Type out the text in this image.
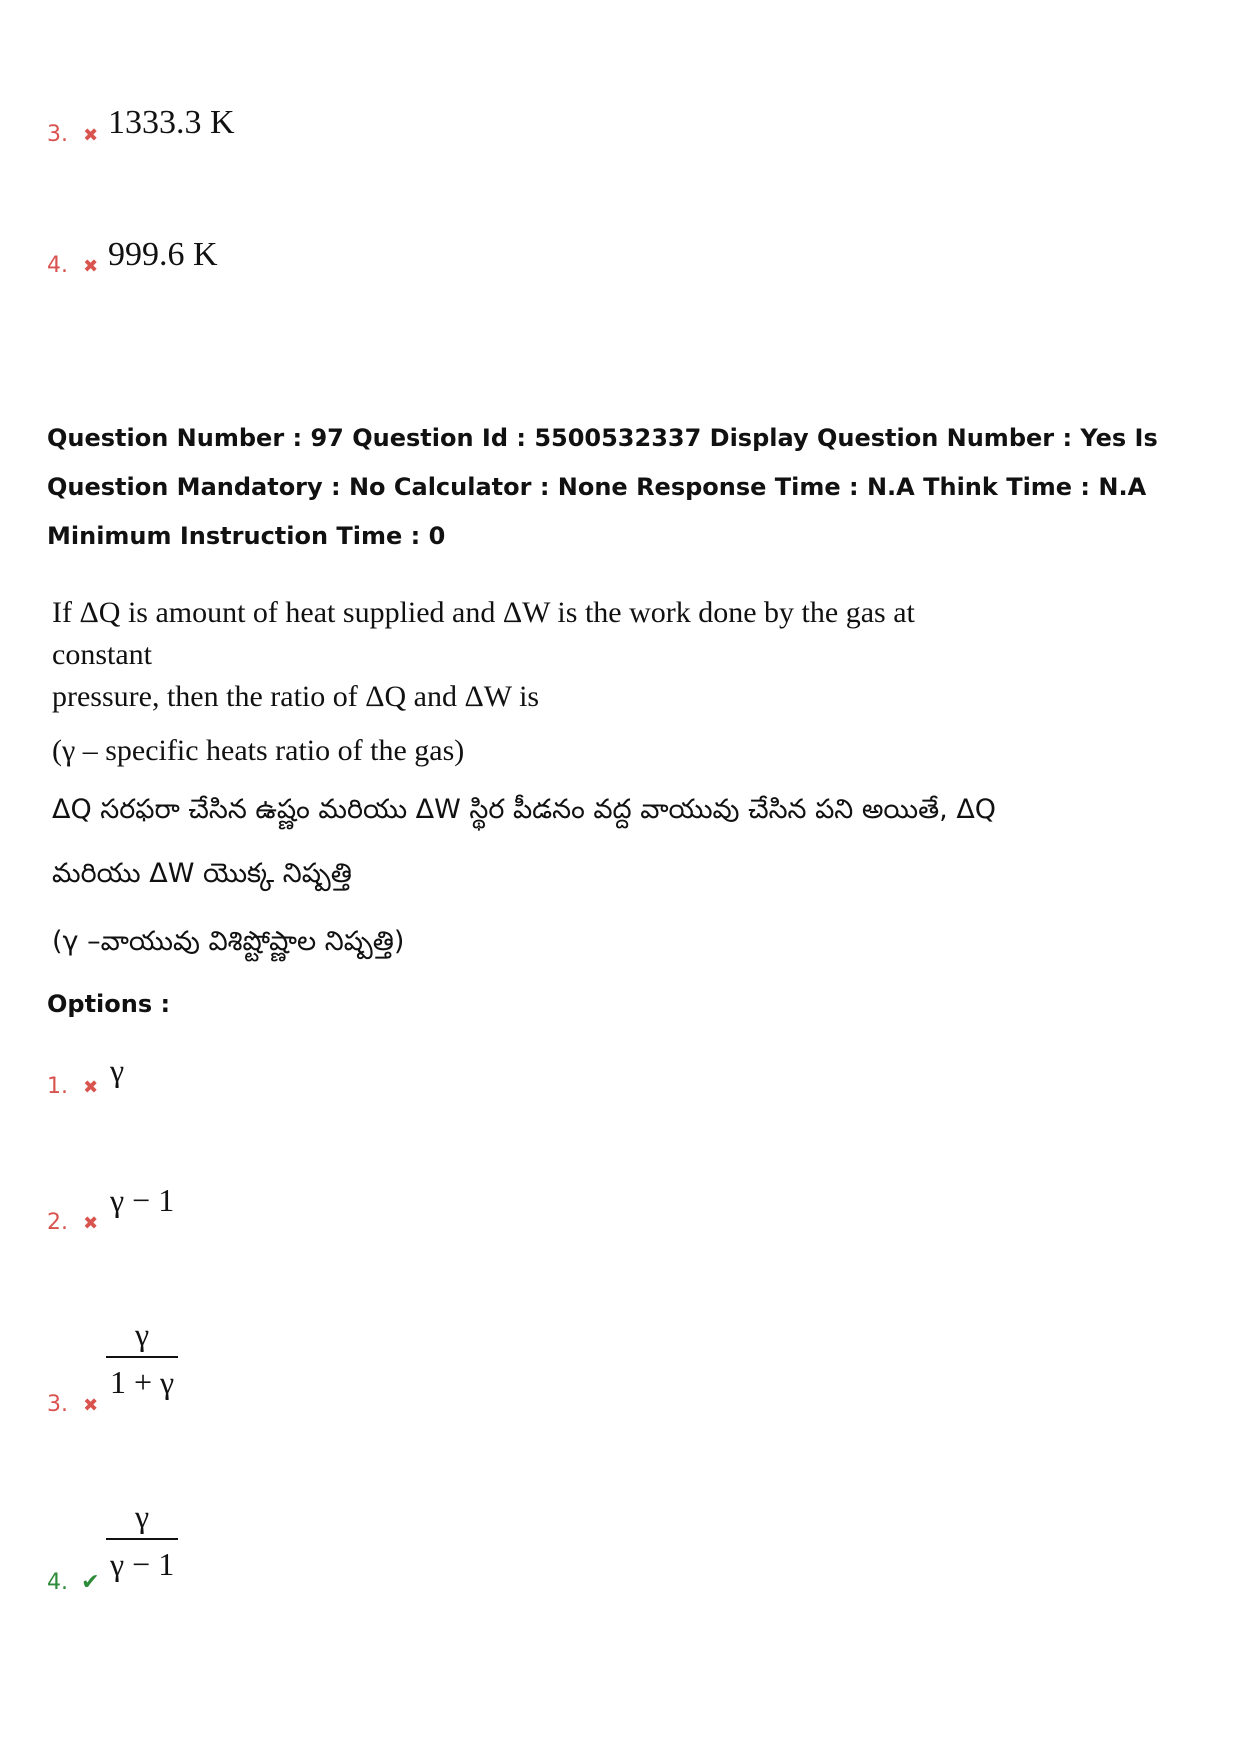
3. ✖ 1333.3 K
4. ✖ 999.6 K
Question Number : 97 Question Id : 5500532337 Display Question Number : Yes Is Question Mandatory : No Calculator : None Response Time : N.A Think Time : N.A Minimum Instruction Time : 0
If ΔQ is amount of heat supplied and ΔW is the work done by the gas at constant
pressure, then the ratio of ΔQ and ΔW is
(γ – specific heats ratio of the gas)
ΔQ సరఫరా చేసిన ఉష్ణం మరియు ΔW స్థిర పీడనం వద్ద వాయువు చేసిన పని అయితే, ΔQ
మరియు ΔW యొక్క నిష్పత్తి
(γ –వాయువు విశిష్టోష్ణాల నిష్పత్తి)
Options :
1. ✖ γ
2. ✖
γ − 1
3. ✖
$\frac{\gamma}{1 + \gamma}$
4. ✔ $\frac{\gamma}{\gamma - 1}$
